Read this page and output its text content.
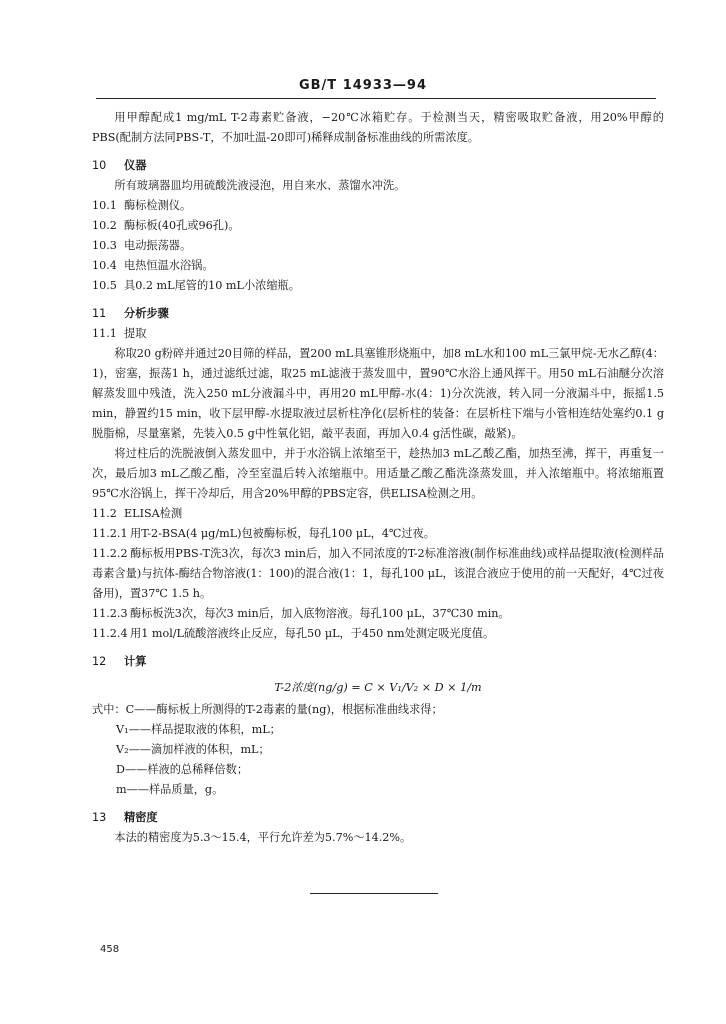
GB/T 14933—94

用甲醇配成1 mg/mL T-2毒素贮备液，−20℃冰箱贮存。于检测当天，精密吸取贮备液，用20%甲醇的PBS(配制方法同PBS-T，不加吐温-20即可)稀释成制备标准曲线的所需浓度。

10 仪器

所有玻璃器皿均用硫酸洗液浸泡，用自来水、蒸馏水冲洗。

10.1 酶标检测仪。

10.2 酶标板(40孔或96孔)。

10.3 电动振荡器。

10.4 电热恒温水浴锅。

10.5 具0.2 mL尾管的10 mL小浓缩瓶。

11 分析步骤

11.1 提取

称取20 g粉碎并通过20目筛的样品，置200 mL具塞锥形烧瓶中，加8 mL水和100 mL三氯甲烷-无水乙醇(4：1)，密塞，振荡1 h，通过滤纸过滤，取25 mL滤液于蒸发皿中，置90℃水浴上通风挥干。用50 mL石油醚分次溶解蒸发皿中残渣，洗入250 mL分液漏斗中，再用20 mL甲醇-水(4：1)分次洗液，转入同一分液漏斗中，振摇1.5 min，静置约15 min，收下层甲醇-水提取液过层析柱净化(层析柱的装备：在层析柱下端与小管相连结处塞约0.1 g脱脂棉，尽量塞紧，先装入0.5 g中性氧化铝，敲平表面，再加入0.4 g活性碳，敲紧)。

将过柱后的洗脱液倒入蒸发皿中，并于水浴锅上浓缩至干，趁热加3 mL乙酸乙酯，加热至沸，挥干，再重复一次，最后加3 mL乙酸乙酯，冷至室温后转入浓缩瓶中。用适量乙酸乙酯洗涤蒸发皿，并入浓缩瓶中。将浓缩瓶置95℃水浴锅上，挥干冷却后，用含20%甲醇的PBS定容，供ELISA检测之用。

11.2 ELISA检测

11.2.1 用T-2-BSA(4 μg/mL)包被酶标板，每孔100 μL，4℃过夜。

11.2.2 酶标板用PBS-T洗3次，每次3 min后，加入不同浓度的T-2标准溶液(制作标准曲线)或样品提取液(检测样品毒素含量)与抗体-酶结合物溶液(1：100)的混合液(1：1，每孔100 μL，该混合液应于使用的前一天配好，4℃过夜备用)，置37℃ 1.5 h。

11.2.3 酶标板洗3次，每次3 min后，加入底物溶液。每孔100 μL，37℃30 min。

11.2.4 用1 mol/L硫酸溶液终止反应，每孔50 μL，于450 nm处测定吸光度值。

12 计算

T-2浓度(ng/g) = C × V₁/V₂ × D × 1/m

式中：C——酶标板上所测得的T-2毒素的量(ng)，根据标准曲线求得；

V₁——样品提取液的体积，mL；

V₂——滴加样液的体积，mL；

D——样液的总稀释倍数；

m——样品质量，g。

13 精密度

本法的精密度为5.3～15.4，平行允许差为5.7%～14.2%。

458
